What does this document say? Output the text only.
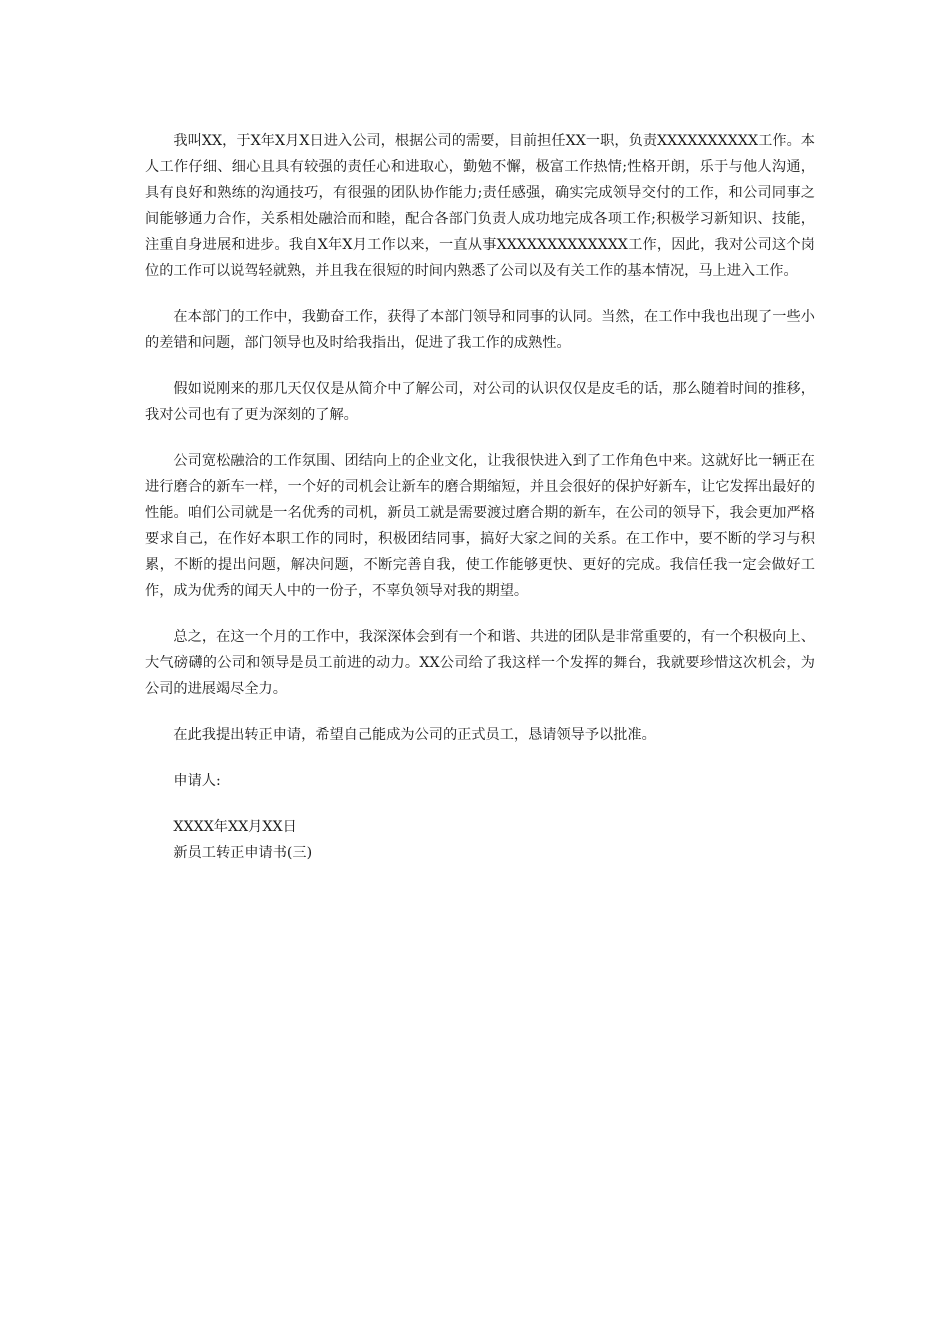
我叫XX，于X年X月X日进入公司，根据公司的需要，目前担任XX一职，负责XXXXXXXXXX工作。本人工作仔细、细心且具有较强的责任心和进取心，勤勉不懈，极富工作热情;性格开朗，乐于与他人沟通，具有良好和熟练的沟通技巧，有很强的团队协作能力;责任感强，确实完成领导交付的工作，和公司同事之间能够通力合作，关系相处融洽而和睦，配合各部门负责人成功地完成各项工作;积极学习新知识、技能，注重自身进展和进步。我自X年X月工作以来，一直从事XXXXXXXXXXXXX工作，因此，我对公司这个岗位的工作可以说驾轻就熟，并且我在很短的时间内熟悉了公司以及有关工作的基本情况，马上进入工作。

在本部门的工作中，我勤奋工作，获得了本部门领导和同事的认同。当然，在工作中我也出现了一些小的差错和问题，部门领导也及时给我指出，促进了我工作的成熟性。

假如说刚来的那几天仅仅是从简介中了解公司，对公司的认识仅仅是皮毛的话，那么随着时间的推移，我对公司也有了更为深刻的了解。

公司宽松融洽的工作氛围、团结向上的企业文化，让我很快进入到了工作角色中来。这就好比一辆正在进行磨合的新车一样，一个好的司机会让新车的磨合期缩短，并且会很好的保护好新车，让它发挥出最好的性能。咱们公司就是一名优秀的司机，新员工就是需要渡过磨合期的新车，在公司的领导下，我会更加严格要求自己，在作好本职工作的同时，积极团结同事，搞好大家之间的关系。在工作中，要不断的学习与积累，不断的提出问题，解决问题，不断完善自我，使工作能够更快、更好的完成。我信任我一定会做好工作，成为优秀的闻天人中的一份子，不辜负领导对我的期望。

总之，在这一个月的工作中，我深深体会到有一个和谐、共进的团队是非常重要的，有一个积极向上、大气磅礴的公司和领导是员工前进的动力。XX公司给了我这样一个发挥的舞台，我就要珍惜这次机会，为公司的进展竭尽全力。

在此我提出转正申请，希望自己能成为公司的正式员工，恳请领导予以批准。

申请人:

XXXX年XX月XX日

新员工转正申请书(三)
